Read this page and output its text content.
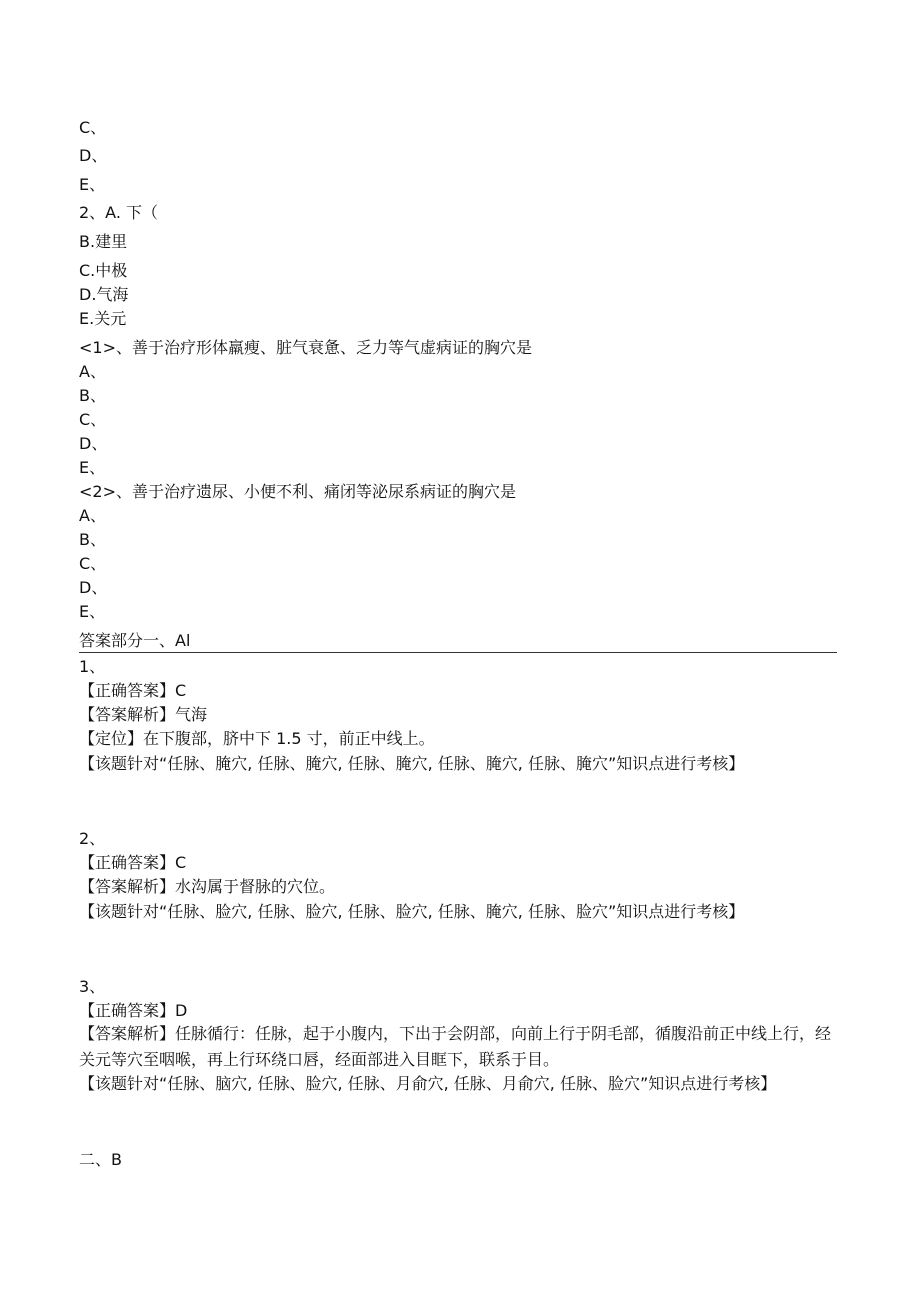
C、
D、
E、
2、A. 下（
B.建里
C.中极
D.气海
E.关元
<1>、善于治疗形体羸瘦、脏气衰惫、乏力等气虚病证的胸穴是
A、
B、
C、
D、
E、
<2>、善于治疗遗尿、小便不利、痛闭等泌尿系病证的胸穴是
A、
B、
C、
D、
E、
答案部分一、Al
1、
【正确答案】C
【答案解析】气海
【定位】在下腹部，脐中下 1.5 寸，前正中线上。
【该题针对“任脉、腌穴, 任脉、腌穴, 任脉、腌穴, 任脉、腌穴, 任脉、腌穴”知识点进行考核】
2、
【正确答案】C
【答案解析】水沟属于督脉的穴位。
【该题针对“任脉、脸穴, 任脉、脸穴, 任脉、脸穴, 任脉、腌穴, 任脉、脸穴”知识点进行考核】
3、
【正确答案】D
【答案解析】任脉循行：任脉，起于小腹内，下出于会阴部，向前上行于阴毛部，循腹沿前正中线上行，经关元等穴至咽喉，再上行环绕口唇，经面部进入目眶下，联系于目。
【该题针对“任脉、脑穴, 任脉、脸穴, 任脉、月俞穴, 任脉、月俞穴, 任脉、脸穴”知识点进行考核】
二、B
